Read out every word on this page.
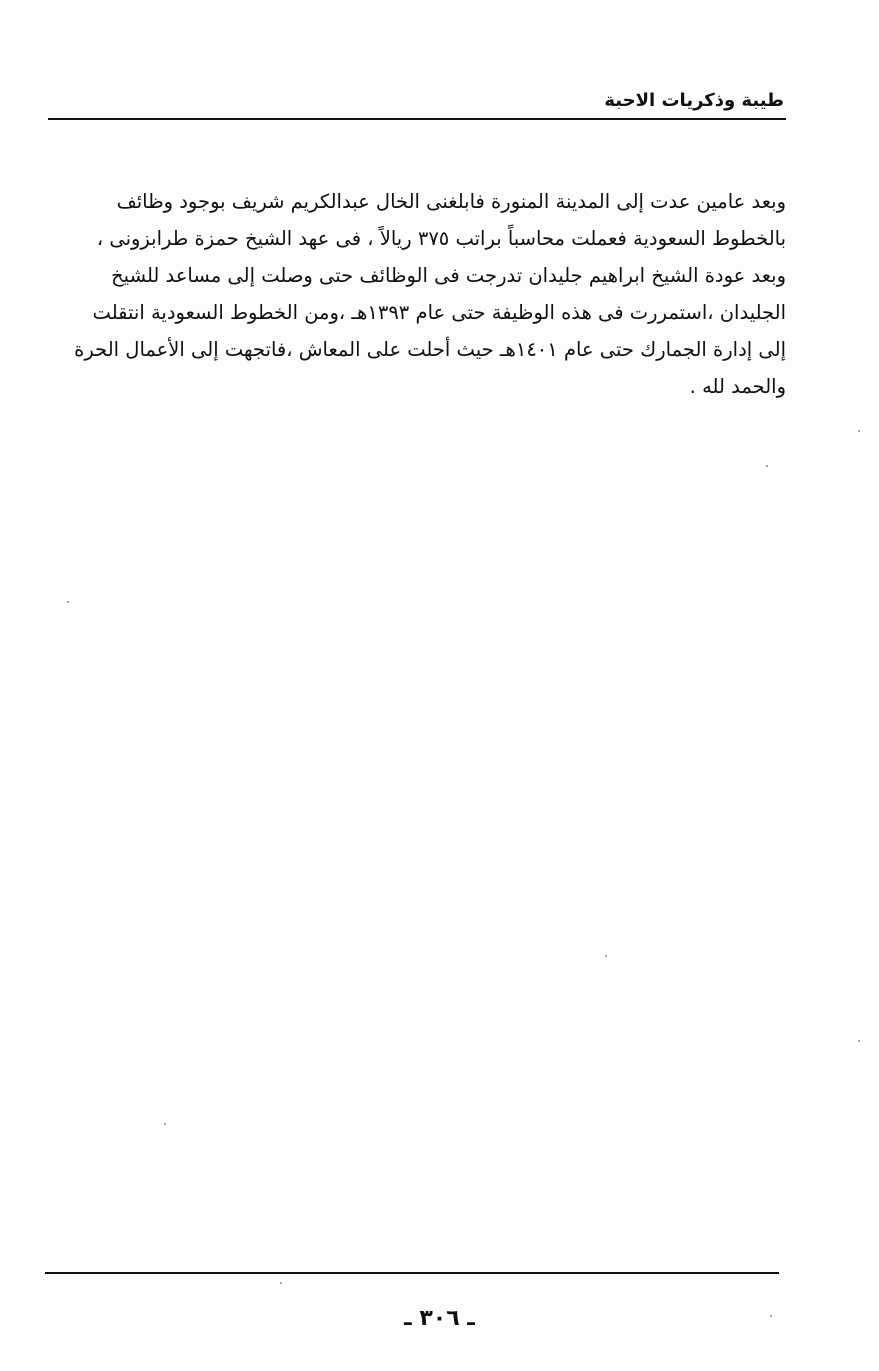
طيبة وذكريات الاحبة
وبعد عامين عدت إلى المدينة المنورة فابلغنى الخال عبدالكريم شريف بوجود وظائف
بالخطوط السعودية فعملت محاسباً براتب ٣٧٥ ريالاً ، فى عهد الشيخ حمزة طرابزونى ،
وبعد عودة الشيخ ابراهيم جليدان تدرجت فى الوظائف حتى وصلت إلى مساعد للشيخ
الجليدان ،استمررت فى هذه الوظيفة حتى عام ١٣٩٣هـ ،ومن الخطوط السعودية انتقلت
إلى إدارة الجمارك حتى عام ١٤٠١هـ حيث أحلت على المعاش ،فاتجهت إلى الأعمال الحرة
والحمد لله .
ـ ٣٠٦ ـ
